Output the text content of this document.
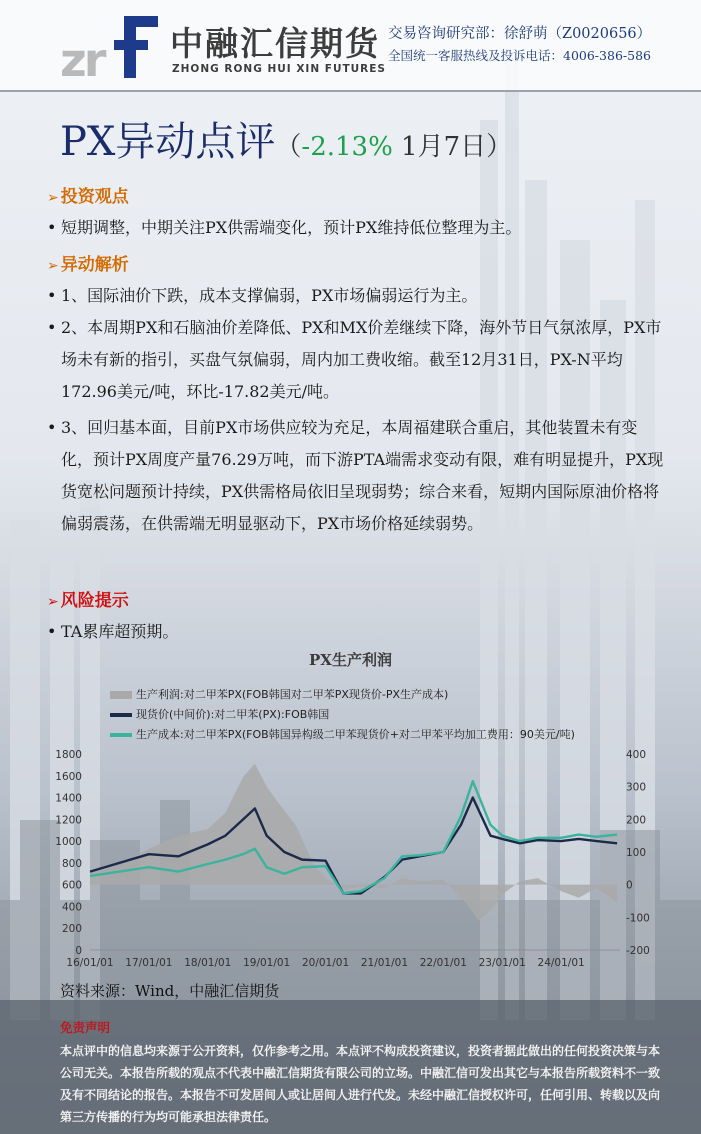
zr 中融汇信期货
ZHONG RONG HUI XIN FUTURES
交易咨询研究部：徐舒萌（Z0020656）
全国统一客服热线及投诉电话：4006-386-586
PX异动点评（-2.13% 1月7日）
➢ 投资观点
• 短期调整，中期关注PX供需端变化，预计PX维持低位整理为主。
➢ 异动解析
• 1、国际油价下跌，成本支撑偏弱，PX市场偏弱运行为主。
• 2、本周期PX和石脑油价差降低、PX和MX价差继续下降，海外节日气氛浓厚，PX市场未有新的指引，买盘气氛偏弱，周内加工费收缩。截至12月31日，PX-N平均172.96美元/吨，环比-17.82美元/吨。
• 3、回归基本面，目前PX市场供应较为充足，本周福建联合重启，其他装置未有变化，预计PX周度产量76.29万吨，而下游PTA端需求变动有限，难有明显提升，PX现货宽松问题预计持续，PX供需格局依旧呈现弱势；综合来看，短期内国际原油价格将偏弱震荡，在供需端无明显驱动下，PX市场价格延续弱势。
➢ 风险提示
• TA累库超预期。
PX生产利润
生产利润:对二甲苯PX(FOB韩国对二甲苯PX现货价-PX生产成本)
现货价(中间价):对二甲苯(PX):FOB韩国
生产成本:对二甲苯PX(FOB韩国异构级二甲苯现货价+对二甲苯平均加工费用：90美元/吨)
0
200
400
600
800
1000
1200
1400
1600
1800
-200
-100
0
100
200
300
400
16/01/01 17/01/01 18/01/01 19/01/01 20/01/01 21/01/01 22/01/01 23/01/01 24/01/01
资料来源：Wind，中融汇信期货
免责声明
本点评中的信息均来源于公开资料，仅作参考之用。本点评不构成投资建议，投资者据此做出的任何投资决策与本公司无关。本报告所载的观点不代表中融汇信期货有限公司的立场。中融汇信可发出其它与本报告所载资料不一致及有不同结论的报告。本报告不可发居间人或让居间人进行代发。未经中融汇信授权许可，任何引用、转载以及向第三方传播的行为均可能承担法律责任。
